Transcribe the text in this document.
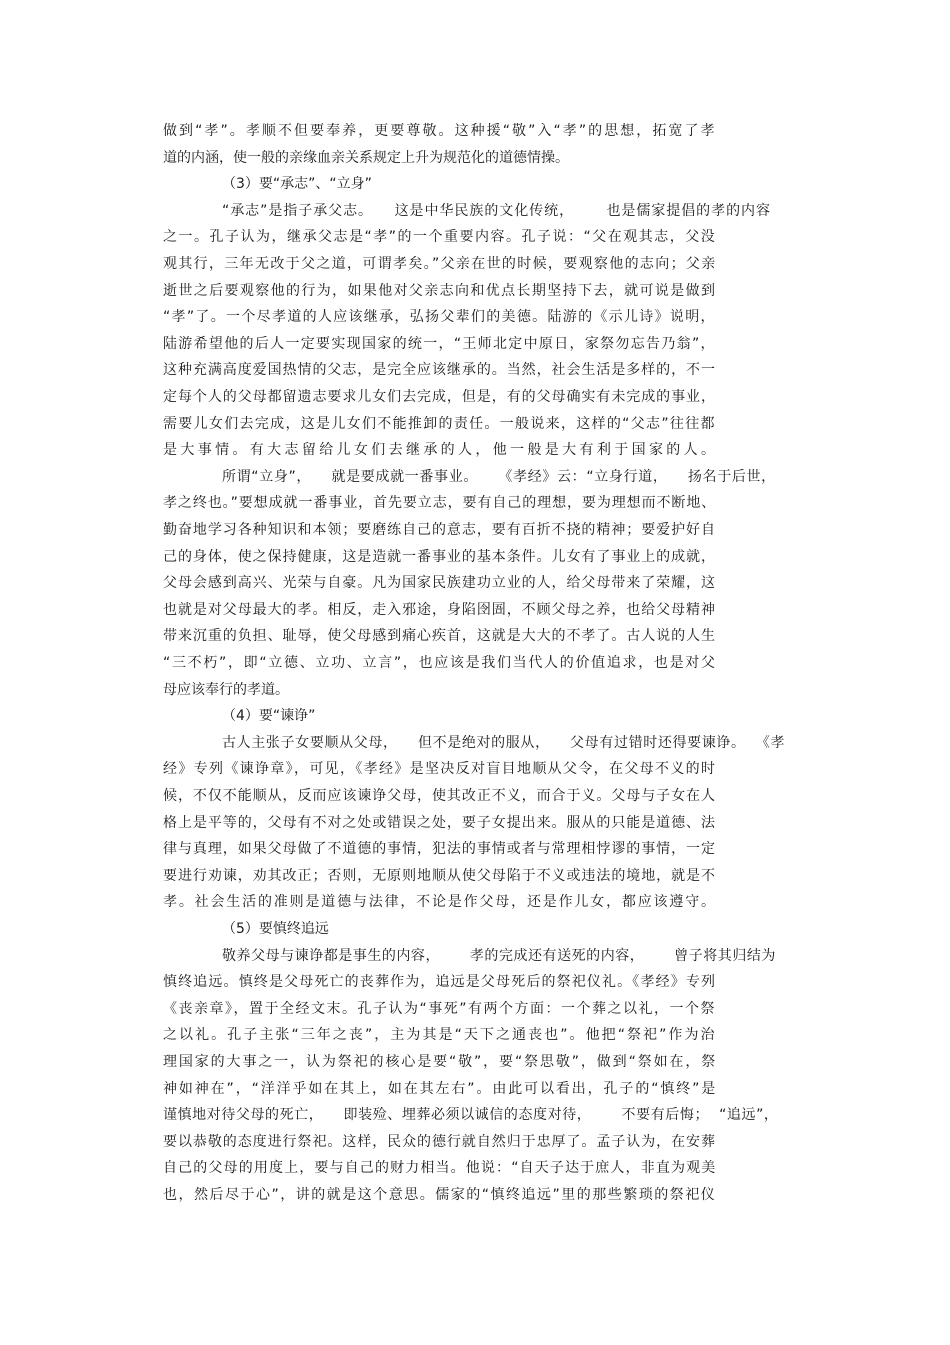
做到“孝”。孝顺不但要奉养，更要尊敬。这种援“敬”入“孝”的思想，拓宽了孝
道的内涵，使一般的亲缘血亲关系规定上升为规范化的道德情操。
（3）要“承志”、“立身”
“承志”是指子承父志。    这是中华民族的文化传统，      也是儒家提倡的孝的内容
之一。孔子认为，继承父志是“孝”的一个重要内容。孔子说：“父在观其志，父没
观其行，三年无改于父之道，可谓孝矣。”父亲在世的时候，要观察他的志向；父亲
逝世之后要观察他的行为，如果他对父亲志向和优点长期坚持下去，就可说是做到
“孝”了。一个尽孝道的人应该继承，弘扬父辈们的美德。陆游的《示儿诗》说明，
陆游希望他的后人一定要实现国家的统一，“王师北定中原日，家祭勿忘告乃翁”，
这种充满高度爱国热情的父志，是完全应该继承的。当然，社会生活是多样的，不一
定每个人的父母都留遗志要求儿女们去完成，但是，有的父母确实有未完成的事业，
需要儿女们去完成，这是儿女们不能推卸的责任。一般说来，这样的“父志”往往都
是大事情。有大志留给儿女们去继承的人，他一般是大有利于国家的人。
所谓“立身”，    就是要成就一番事业。    《孝经》云：“立身行道，    扬名于后世，
孝之终也。”要想成就一番事业，首先要立志，要有自己的理想，要为理想而不断地、
勤奋地学习各种知识和本领；要磨练自己的意志，要有百折不挠的精神；要爱护好自
己的身体，使之保持健康，这是造就一番事业的基本条件。儿女有了事业上的成就，
父母会感到高兴、光荣与自豪。凡为国家民族建功立业的人，给父母带来了荣耀，这
也就是对父母最大的孝。相反，走入邪途，身陷囹圄，不顾父母之养，也给父母精神
带来沉重的负担、耻辱，使父母感到痛心疾首，这就是大大的不孝了。古人说的人生
“三不朽”，即“立德、立功、立言”，也应该是我们当代人的价值追求，也是对父
母应该奉行的孝道。
（4）要“谏诤”
古人主张子女要顺从父母，    但不是绝对的服从，    父母有过错时还得要谏诤。  《孝
经》专列《谏诤章》，可见，《孝经》是坚决反对盲目地顺从父令，在父母不义的时
候，不仅不能顺从，反而应该谏诤父母，使其改正不义，而合于义。父母与子女在人
格上是平等的，父母有不对之处或错误之处，要子女提出来。服从的只能是道德、法
律与真理，如果父母做了不道德的事情，犯法的事情或者与常理相悖谬的事情，一定
要进行劝谏，劝其改正；否则，无原则地顺从使父母陷于不义或违法的境地，就是不
孝。社会生活的准则是道德与法律，不论是作父母，还是作儿女，都应该遵守。
（5）要慎终追远
敬养父母与谏诤都是事生的内容，      孝的完成还有送死的内容，      曾子将其归结为
慎终追远。慎终是父母死亡的丧葬作为，追远是父母死后的祭祀仪礼。《孝经》专列
《丧亲章》，置于全经文末。孔子认为“事死”有两个方面：一个葬之以礼，一个祭
之以礼。孔子主张“三年之丧”，主为其是“天下之通丧也”。他把“祭祀”作为治
理国家的大事之一，认为祭祀的核心是要“敬”，要“祭思敬”，做到“祭如在，祭
神如神在”，“洋洋乎如在其上，如在其左右”。由此可以看出，孔子的“慎终”是
谨慎地对待父母的死亡，    即装殓、埋葬必须以诚信的态度对待，      不要有后悔；  “追远”，
要以恭敬的态度进行祭祀。这样，民众的德行就自然归于忠厚了。孟子认为，在安葬
自己的父母的用度上，要与自己的财力相当。他说：“自天子达于庶人，非直为观美
也，然后尽于心”，讲的就是这个意思。儒家的“慎终追远”里的那些繁琐的祭祀仪
